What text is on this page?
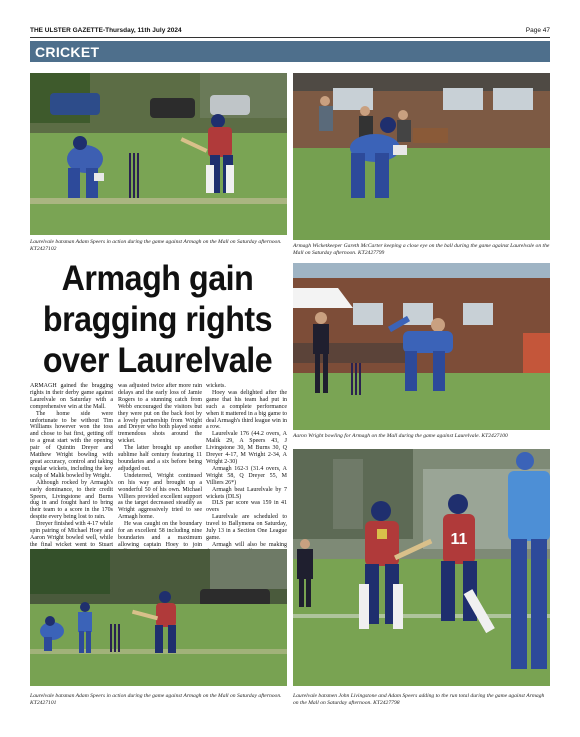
THE ULSTER GAZETTE-Thursday, 11th July 2024	Page 47
CRICKET
Laurelvale batsman Adam Speers in action during the game against Armagh on the Mall on Saturday afternoon. KT2427102	Armagh Wicketkeeper Gareth McCarter keeping a close eye on the ball during the game against Laurelvale on the Mall on Saturday afternoon. KT2427799
Armagh gain
bragging rights
over Laurelvale
Aaron Wright bowling for Armagh on the Mall during the game against Laurelvale. KT2427100

ARMAGH gained the bragging rights in their derby game against Laurelvale on Saturday with a comprehensive win at the Mall.

The home side were unfortunate to be without Tim Williams however won the toss and chose to bat first, getting off to a great start with the opening pair of Quintin Dreyer and Matthew Wright bowling with great accuracy, control and taking regular wickets, including the key scalp of Malik bowled by Wright.

Although rocked by Armagh's early dominance, to their credit Speers, Livingstone and Burns dug in and fought hard to bring their team to a score in the 170s despite every being lost to rain.

Dreyer finished with 4-17 while spin pairing of Michael Hoey and Aaron Wright bowled well, while the final wicket went to Stuart

was adjusted twice after more rain delays and the early loss of Jamie Rogers to a stunning catch from Webb encouraged the visitors but they were put on the back foot by a lovely partnership from Wright and Dreyer who both played some tremendous shots around the wicket.

The latter brought up another sublime half century featuring 11 boundaries and a six before being adjudged out.

Undeterred, Wright continued on his way and brought up a wonderful 50 of his own. Michael Villiers provided excellent support as the target decreased steadily as Wright aggressively tried to see Armagh home.

He was caught on the boundary for an excellent 58 including nine boundaries and a maximum allowing captain Hoey to join

wickets.

Hoey was delighted after the game that his team had put in such a complete performance when it mattered in a big game to deal Armagh's third league win in a row.

Laurelvale 176 (44.2 overs, A Malik 29, A Speers 43, J Livingstone 30, M Burns 30, Q Dreyer 4-17, M Wright 2-34, A Wright 2-30)

Armagh 162-3 (31.4 overs, A Wright 58, Q Dreyer 55, M Villiers 26*)

Armagh beat Laurelvale by 7 wickets (DLS)

DLS par score was 159 in 41 overs

Laurelvale are scheduled to travel to Ballymena on Saturday, July 13 in a Section One League game.

Armagh will also be making

Laurelvale batsman Adam Speers in action during the game against Armagh on the Mall on Saturday afternoon. KT2427101
11
Laurelvale batsmen John Livingstone and Adam Speers adding to the run total during the game against Armagh on the Mall on Saturday afternoon. KT2427798
